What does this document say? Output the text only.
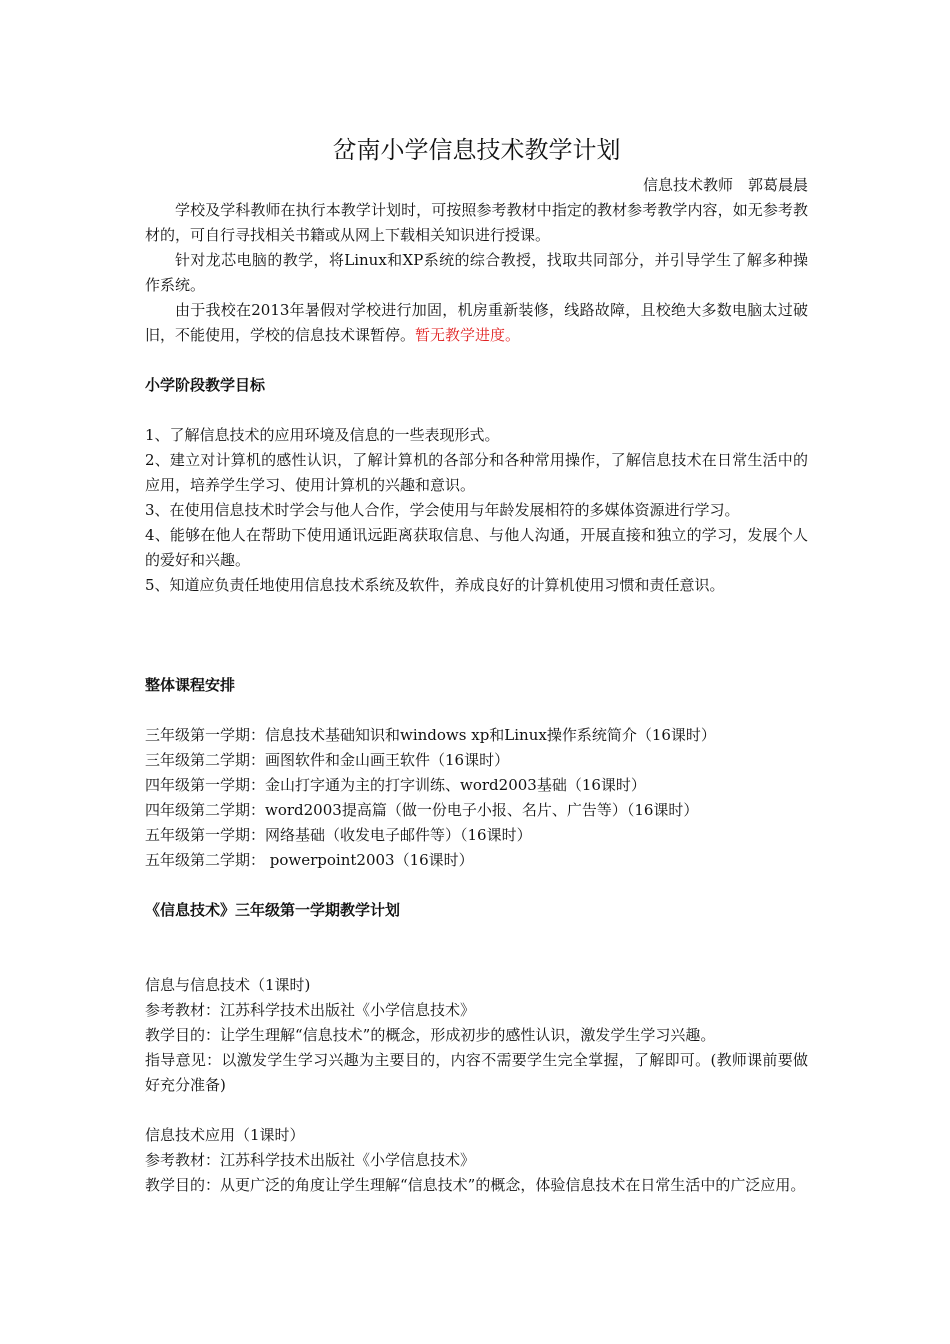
岔南小学信息技术教学计划
信息技术教师　郭葛晨晨

学校及学科教师在执行本教学计划时，可按照参考教材中指定的教材参考教学内容，如无参考教材的，可自行寻找相关书籍或从网上下载相关知识进行授课。

针对龙芯电脑的教学，将Linux和XP系统的综合教授，找取共同部分，并引导学生了解多种操作系统。

由于我校在2013年暑假对学校进行加固，机房重新装修，线路故障，且校绝大多数电脑太过破旧，不能使用，学校的信息技术课暂停。暂无教学进度。

小学阶段教学目标

1、了解信息技术的应用环境及信息的一些表现形式。

2、建立对计算机的感性认识，了解计算机的各部分和各种常用操作，了解信息技术在日常生活中的应用，培养学生学习、使用计算机的兴趣和意识。

3、在使用信息技术时学会与他人合作，学会使用与年龄发展相符的多媒体资源进行学习。

4、能够在他人在帮助下使用通讯远距离获取信息、与他人沟通，开展直接和独立的学习，发展个人的爱好和兴趣。

5、知道应负责任地使用信息技术系统及软件，养成良好的计算机使用习惯和责任意识。

整体课程安排

三年级第一学期：信息技术基础知识和windows xp和Linux操作系统简介（16课时）

三年级第二学期：画图软件和金山画王软件（16课时）

四年级第一学期：金山打字通为主的打字训练、word2003基础（16课时）

四年级第二学期：word2003提高篇（做一份电子小报、名片、广告等）（16课时）

五年级第一学期：网络基础（收发电子邮件等）（16课时）

五年级第二学期： powerpoint2003（16课时）

《信息技术》三年级第一学期教学计划

信息与信息技术（1课时)

参考教材：江苏科学技术出版社《小学信息技术》

教学目的：让学生理解“信息技术”的概念，形成初步的感性认识，激发学生学习兴趣。

指导意见：以激发学生学习兴趣为主要目的，内容不需要学生完全掌握，了解即可。(教师课前要做好充分准备)

信息技术应用（1课时）

参考教材：江苏科学技术出版社《小学信息技术》

教学目的：从更广泛的角度让学生理解“信息技术”的概念，体验信息技术在日常生活中的广泛应用。
